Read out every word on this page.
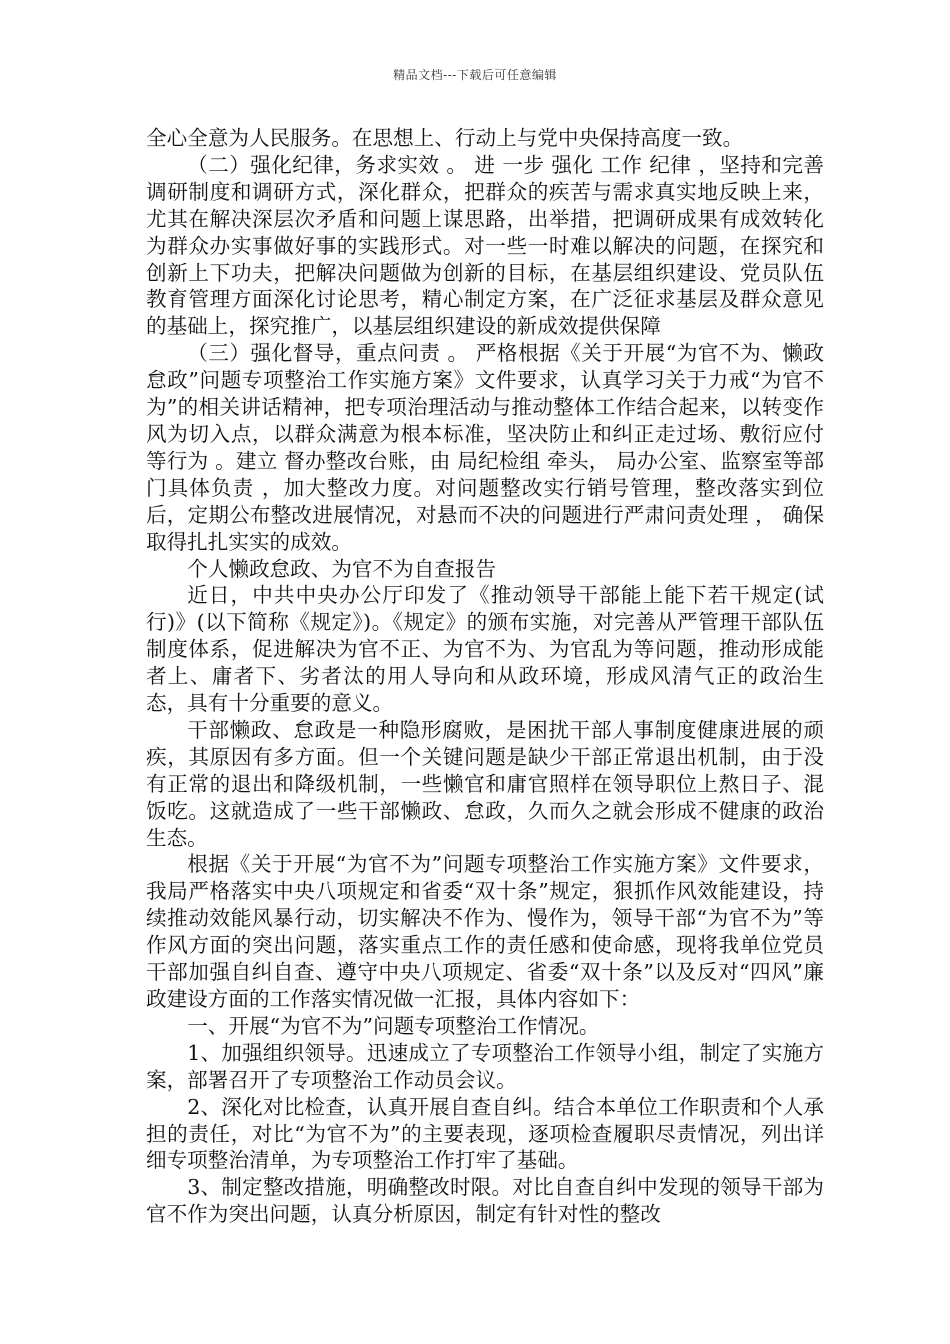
精品文档---下载后可任意编辑

全心全意为人民服务。在思想上、行动上与党中央保持高度一致。

（二）强化纪律，务求实效 。 进 一步 强化 工作 纪律 ，坚持和完善调研制度和调研方式，深化群众，把群众的疾苦与需求真实地反映上来，尤其在解决深层次矛盾和问题上谋思路，出举措，把调研成果有成效转化为群众办实事做好事的实践形式。对一些一时难以解决的问题，在探究和创新上下功夫，把解决问题做为创新的目标，在基层组织建设、党员队伍教育管理方面深化讨论思考，精心制定方案，在广泛征求基层及群众意见的基础上，探究推广，以基层组织建设的新成效提供保障

（三）强化督导，重点问责 。 严格根据《关于开展“为官不为、懒政怠政”问题专项整治工作实施方案》文件要求，认真学习关于力戒“为官不为”的相关讲话精神，把专项治理活动与推动整体工作结合起来，以转变作风为切入点，以群众满意为根本标准，坚决防止和纠正走过场、敷衍应付等行为 。建立 督办整改台账，由 局纪检组 牵头， 局办公室、监察室等部门具体负责 ，加大整改力度。对问题整改实行销号管理，整改落实到位后，定期公布整改进展情况，对悬而不决的问题进行严肃问责处理 ， 确保取得扎扎实实的成效。

个人懒政怠政、为官不为自查报告

近日，中共中央办公厅印发了《推动领导干部能上能下若干规定(试行)》(以下简称《规定》)。《规定》的颁布实施，对完善从严管理干部队伍制度体系，促进解决为官不正、为官不为、为官乱为等问题，推动形成能者上、庸者下、劣者汰的用人导向和从政环境，形成风清气正的政治生态，具有十分重要的意义。

干部懒政、怠政是一种隐形腐败，是困扰干部人事制度健康进展的顽疾，其原因有多方面。但一个关键问题是缺少干部正常退出机制，由于没有正常的退出和降级机制，一些懒官和庸官照样在领导职位上熬日子、混饭吃。这就造成了一些干部懒政、怠政，久而久之就会形成不健康的政治生态。

根据《关于开展“为官不为”问题专项整治工作实施方案》文件要求，我局严格落实中央八项规定和省委“双十条”规定，狠抓作风效能建设，持续推动效能风暴行动，切实解决不作为、慢作为，领导干部“为官不为”等作风方面的突出问题，落实重点工作的责任感和使命感，现将我单位党员干部加强自纠自查、遵守中央八项规定、省委“双十条”以及反对“四风”廉政建设方面的工作落实情况做一汇报，具体内容如下：

一、开展“为官不为”问题专项整治工作情况。

1、加强组织领导。迅速成立了专项整治工作领导小组，制定了实施方案，部署召开了专项整治工作动员会议。

2、深化对比检查，认真开展自查自纠。结合本单位工作职责和个人承担的责任，对比“为官不为”的主要表现，逐项检查履职尽责情况，列出详细专项整治清单，为专项整治工作打牢了基础。

3、制定整改措施，明确整改时限。对比自查自纠中发现的领导干部为官不作为突出问题，认真分析原因，制定有针对性的整改
